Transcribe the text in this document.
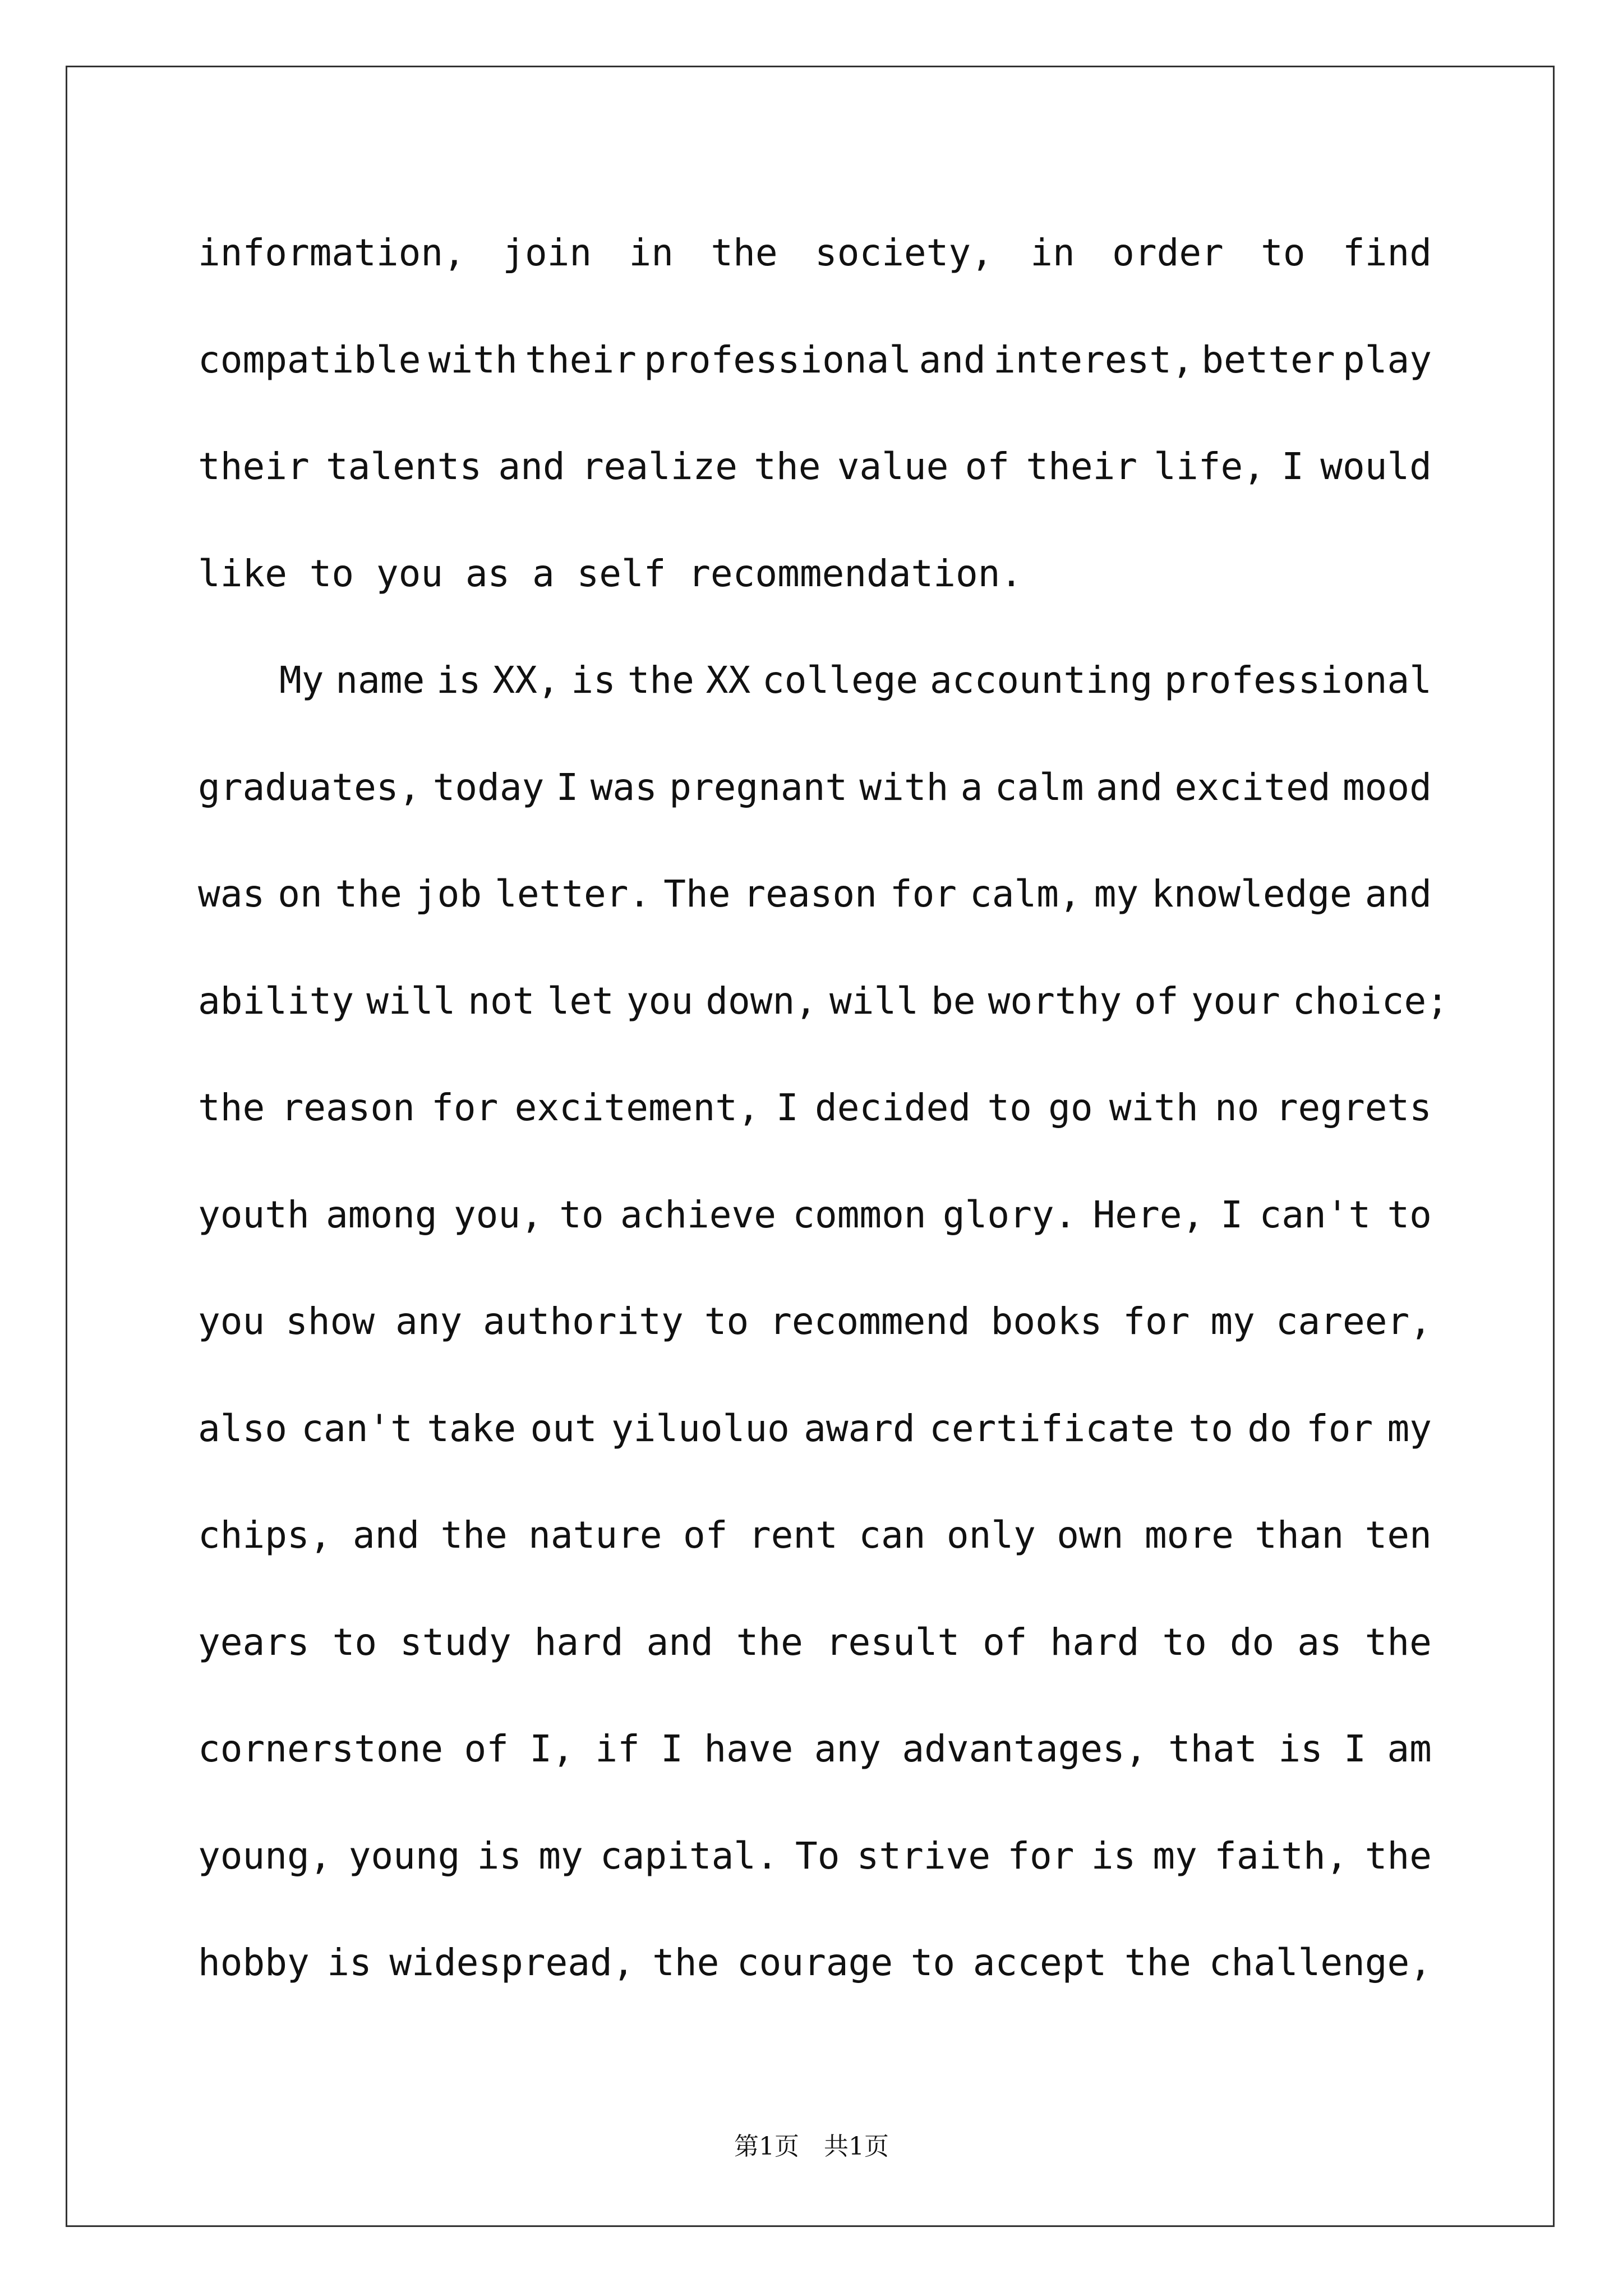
information, join in the society, in order to find
compatible with their professional and interest, better play
their talents and realize the value of their life, I would
like to you as a self recommendation.
My name is XX, is the XX college accounting professional
graduates, today I was pregnant with a calm and excited mood
was on the job letter. The reason for calm, my knowledge and
ability will not let you down, will be worthy of your choice;
the reason for excitement, I decided to go with no regrets
youth among you, to achieve common glory. Here, I can't to
you show any authority to recommend books for my career,
also can't take out yiluoluo award certificate to do for my
chips, and the nature of rent can only own more than ten
years to study hard and the result of hard to do as the
cornerstone of I, if I have any advantages, that is I am
young, young is my capital. To strive for is my faith, the
hobby is widespread, the courage to accept the challenge,
第1页　共1页
